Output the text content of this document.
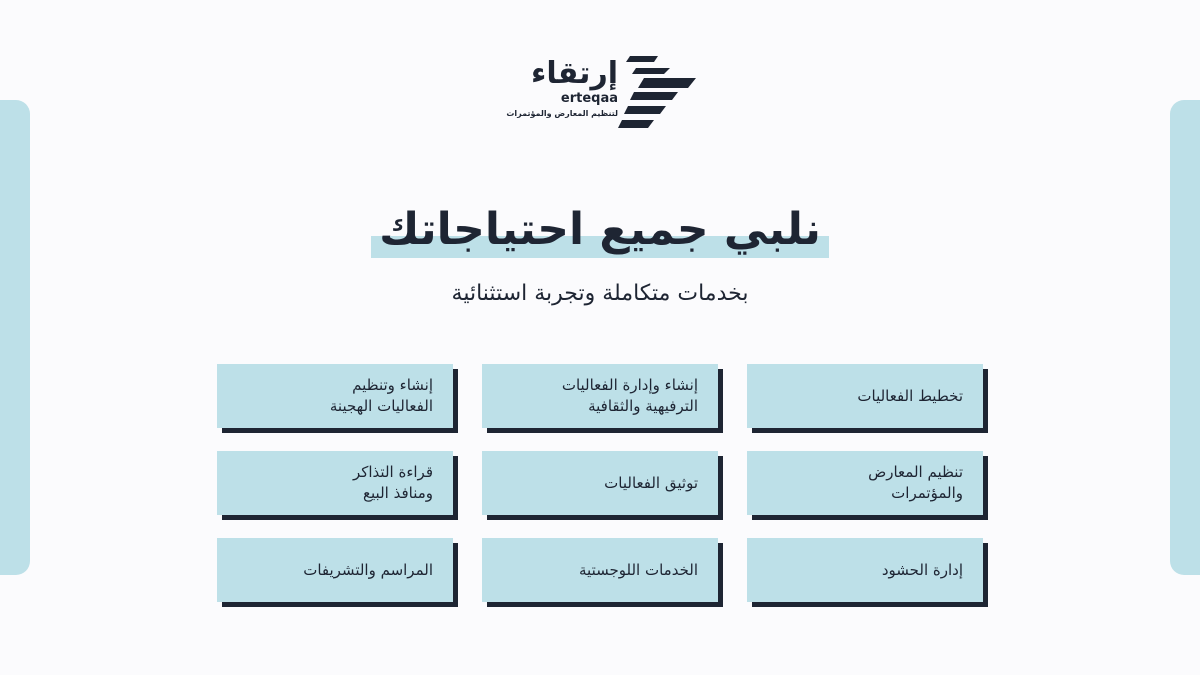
إرتقاء
erteqaa
لتنظيم المعارض والمؤتمرات
نلبي جميع احتياجاتك
بخدمات متكاملة وتجربة استثنائية
تخطيط الفعاليات
إنشاء وإدارة الفعاليات
الترفيهية والثقافية
إنشاء وتنظيم
الفعاليات الهجينة
تنظيم المعارض
والمؤتمرات
توثيق الفعاليات
قراءة التذاكر
ومنافذ البيع
إدارة الحشود
الخدمات اللوجستية
المراسم والتشريفات
